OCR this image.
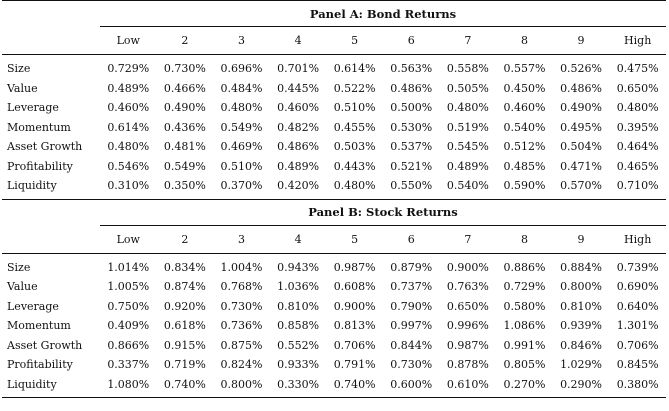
	Panel A: Bond Returns									
	Low	2	3	4	5	6	7	8	9	High

Size	0.729%	0.730%	0.696%	0.701%	0.614%	0.563%	0.558%	0.557%	0.526%	0.475%
Value	0.489%	0.466%	0.484%	0.445%	0.522%	0.486%	0.505%	0.450%	0.486%	0.650%
Leverage	0.460%	0.490%	0.480%	0.460%	0.510%	0.500%	0.480%	0.460%	0.490%	0.480%
Momentum	0.614%	0.436%	0.549%	0.482%	0.455%	0.530%	0.519%	0.540%	0.495%	0.395%
Asset Growth	0.480%	0.481%	0.469%	0.486%	0.503%	0.537%	0.545%	0.512%	0.504%	0.464%
Profitability	0.546%	0.549%	0.510%	0.489%	0.443%	0.521%	0.489%	0.485%	0.471%	0.465%
Liquidity	0.310%	0.350%	0.370%	0.420%	0.480%	0.550%	0.540%	0.590%	0.570%	0.710%

	Panel B: Stock Returns									
	Low	2	3	4	5	6	7	8	9	High

Size	1.014%	0.834%	1.004%	0.943%	0.987%	0.879%	0.900%	0.886%	0.884%	0.739%
Value	1.005%	0.874%	0.768%	1.036%	0.608%	0.737%	0.763%	0.729%	0.800%	0.690%
Leverage	0.750%	0.920%	0.730%	0.810%	0.900%	0.790%	0.650%	0.580%	0.810%	0.640%
Momentum	0.409%	0.618%	0.736%	0.858%	0.813%	0.997%	0.996%	1.086%	0.939%	1.301%
Asset Growth	0.866%	0.915%	0.875%	0.552%	0.706%	0.844%	0.987%	0.991%	0.846%	0.706%
Profitability	0.337%	0.719%	0.824%	0.933%	0.791%	0.730%	0.878%	0.805%	1.029%	0.845%
Liquidity	1.080%	0.740%	0.800%	0.330%	0.740%	0.600%	0.610%	0.270%	0.290%	0.380%
